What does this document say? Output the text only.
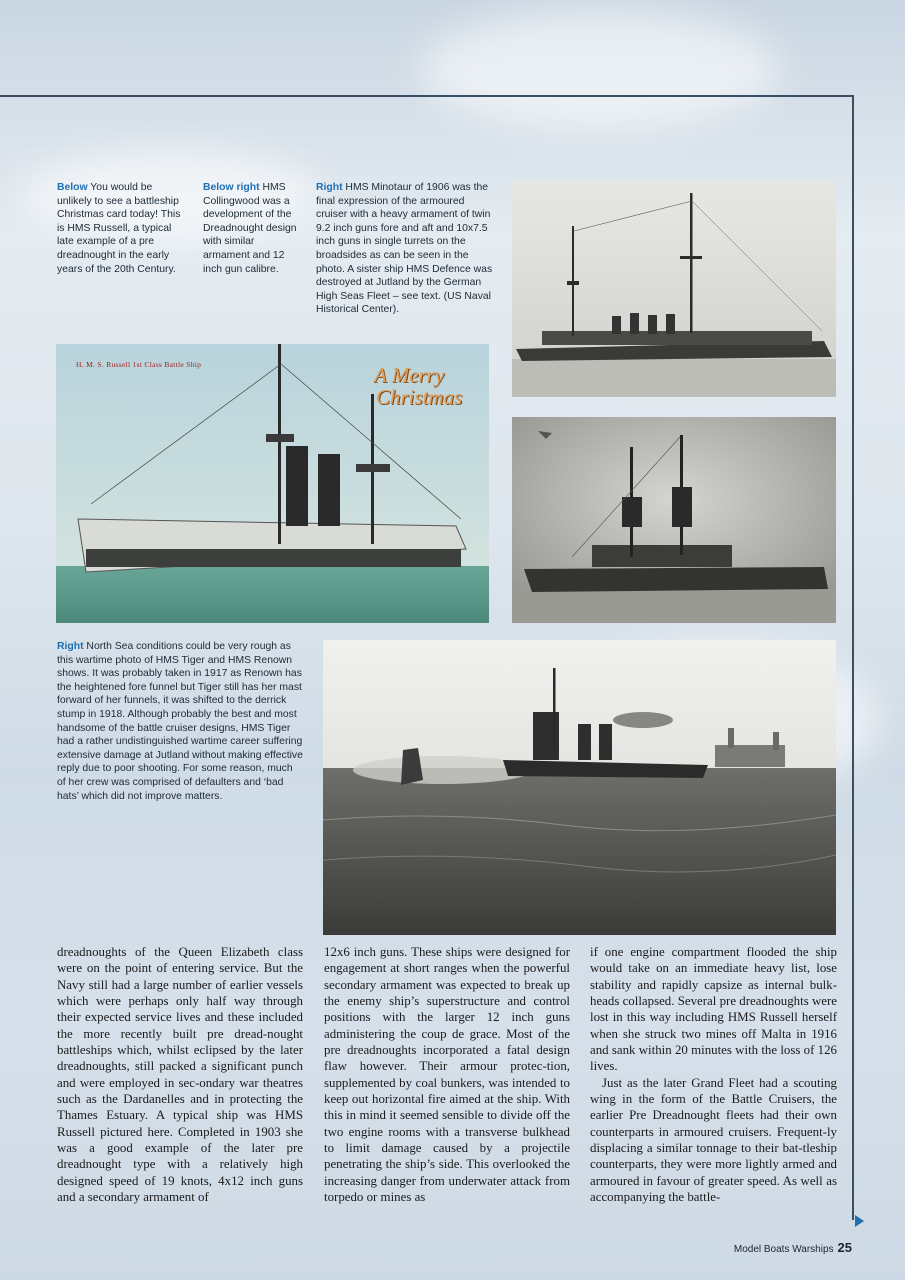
Below You would be unlikely to see a battleship Christmas card today! This is HMS Russell, a typical late example of a pre dreadnought in the early years of the 20th Century.
Below right HMS Collingwood was a development of the Dreadnought design with similar armament and 12 inch gun calibre.
Right HMS Minotaur of 1906 was the final expression of the armoured cruiser with a heavy armament of twin 9.2 inch guns fore and aft and 10x7.5 inch guns in single turrets on the broadsides as can be seen in the photo. A sister ship HMS Defence was destroyed at Jutland by the German High Seas Fleet – see text. (US Naval Historical Center).
Right North Sea conditions could be very rough as this wartime photo of HMS Tiger and HMS Renown shows. It was probably taken in 1917 as Renown has the heightened fore funnel but Tiger still has her mast forward of her funnels, it was shifted to the derrick stump in 1918. Although probably the best and most handsome of the battle cruiser designs, HMS Tiger had a rather undistinguished wartime career suffering extensive damage at Jutland without making effective reply due to poor shooting. For some reason, much of her crew was comprised of defaulters and ‘bad hats’ which did not improve matters.
H. M. S. Russell 1st Class Battle Ship	A Merry
Christmas

dreadnoughts of the Queen Elizabeth class were on the point of entering service. But the Navy still had a large number of earlier vessels which were perhaps only half way through their expected service lives and these included the more recently built pre dread-nought battleships which, whilst eclipsed by the later dreadnoughts, still packed a significant punch and were employed in sec-ondary war theatres such as the Dardanelles and in protecting the Thames Estuary. A typical ship was HMS Russell pictured here. Completed in 1903 she was a good example of the later pre dreadnought type with a relatively high designed speed of 19 knots, 4x12 inch guns and a secondary armament of

12x6 inch guns. These ships were designed for engagement at short ranges when the powerful secondary armament was expected to break up the enemy ship’s superstructure and control positions with the larger 12 inch guns administering the coup de grace. Most of the pre dreadnoughts incorporated a fatal design flaw however. Their armour protec-tion, supplemented by coal bunkers, was intended to keep out horizontal fire aimed at the ship. With this in mind it seemed sensible to divide off the two engine rooms with a transverse bulkhead to limit damage caused by a projectile penetrating the ship’s side. This overlooked the increasing danger from underwater attack from torpedo or mines as

if one engine compartment flooded the ship would take on an immediate heavy list, lose stability and rapidly capsize as internal bulk-heads collapsed. Several pre dreadnoughts were lost in this way including HMS Russell herself when she struck two mines off Malta in 1916 and sank within 20 minutes with the loss of 126 lives.

Just as the later Grand Fleet had a scouting wing in the form of the Battle Cruisers, the earlier Pre Dreadnought fleets had their own counterparts in armoured cruisers. Frequent-ly displacing a similar tonnage to their bat-tleship counterparts, they were more lightly armed and armoured in favour of greater speed. As well as accompanying the battle-

Model Boats Warships 25
